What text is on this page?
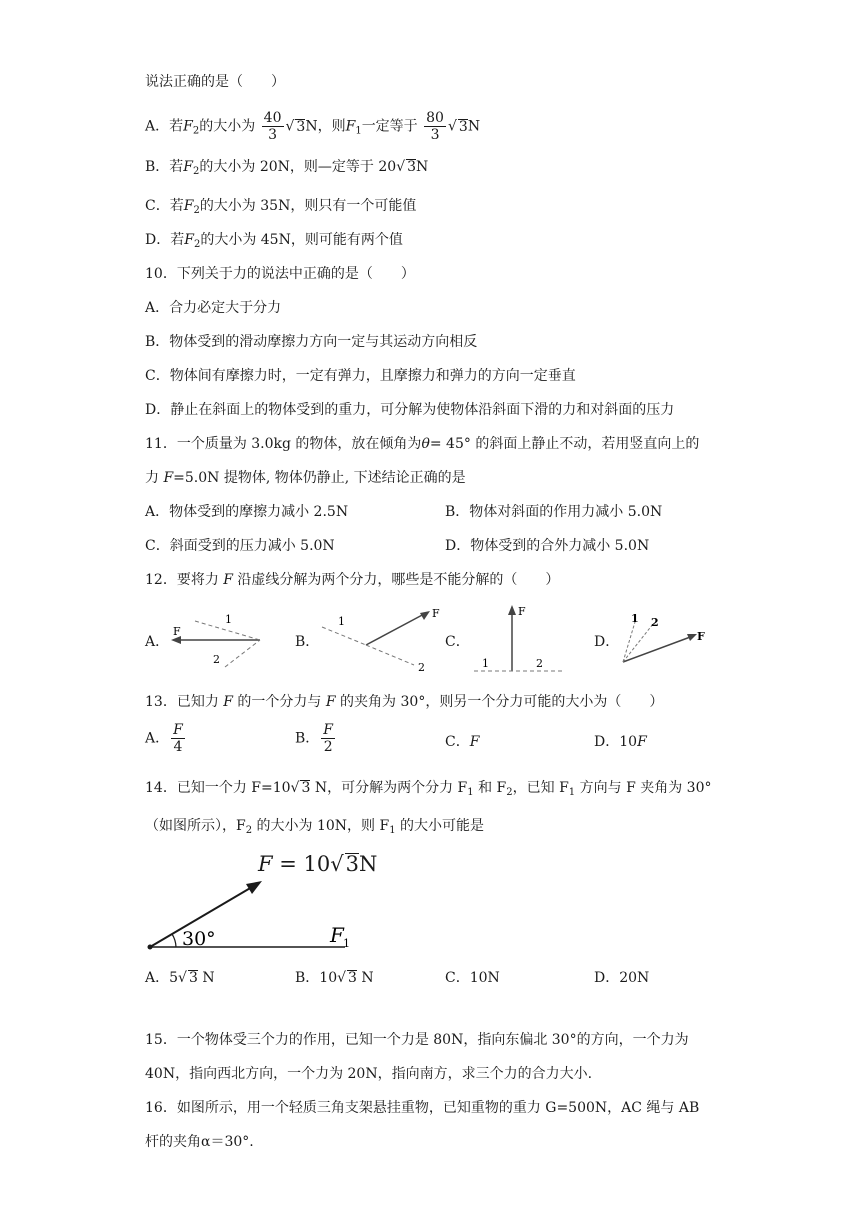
说法正确的是（　　）
A．若$F_2$的大小为 $\frac{40}{3}$ √ 3N，则$F_1$一定等于 $\frac{80}{3}$ √ 3N
B．若$F_2$的大小为 20N，则—定等于 20√ 3N
C．若$F_2$的大小为 35N，则只有一个可能值
D．若$F_2$的大小为 45N，则可能有两个值
10．下列关于力的说法中正确的是（　　）
A．合力必定大于分力
B．物体受到的滑动摩擦力方向一定与其运动方向相反
C．物体间有摩擦力时，一定有弹力，且摩擦力和弹力的方向一定垂直
D．静止在斜面上的物体受到的重力，可分解为使物体沿斜面下滑的力和对斜面的压力
11．一个质量为 3.0kg 的物体，放在倾角为θ= 45° 的斜面上静止不动，若用竖直向上的
力 F=5.0N 提物体, 物体仍静止, 下述结论正确的是
A．物体受到的摩擦力减小 2.5N	B．物体对斜面的作用力减小 5.0N
C．斜面受到的压力减小 5.0N	D．物体受到的合外力减小 5.0N
12．要将力 F 沿虚线分解为两个分力，哪些是不能分解的（　　）
A．
F
1
2
B．
1
2
F
C．
F
1	2
D．
1 2
F
13．已知力 F 的一个分力与 F 的夹角为 30°，则另一个分力可能的大小为（　　）
A． $\frac{F}{4}$	B． $\frac{F}{2}$	C．F	D．10F
14．已知一个力 F=10√ 3 N，可分解为两个分力 $F_1$ 和 $F_2$，已知 $F_1$ 方向与 F 夹角为 30°
（如图所示），$F_2$ 的大小为 10N，则 $F_1$ 的大小可能是
F = 10√3N
30°	F 1
A．5√ 3 N	B．10√ 3 N	C．10N	D．20N
15．一个物体受三个力的作用，已知一个力是 80N，指向东偏北 30°的方向，一个力为
40N，指向西北方向，一个力为 20N，指向南方，求三个力的合力大小.
16．如图所示，用一个轻质三角支架悬挂重物，已知重物的重力 G=500N，AC 绳与 AB
杆的夹角α＝30°.
